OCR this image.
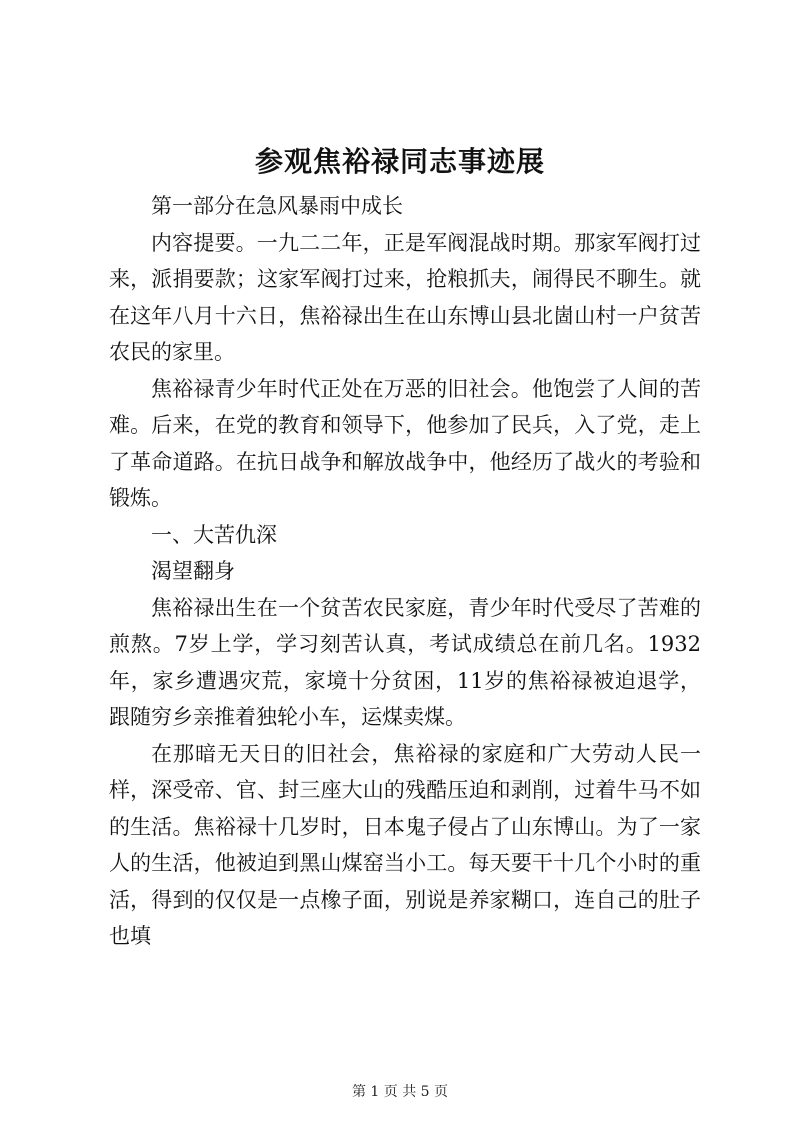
参观焦裕禄同志事迹展

第一部分在急风暴雨中成长

内容提要。一九二二年，正是军阀混战时期。那家军阀打过来，派捐要款；这家军阀打过来，抢粮抓夫，闹得民不聊生。就在这年八月十六日，焦裕禄出生在山东博山县北崮山村一户贫苦农民的家里。

焦裕禄青少年时代正处在万恶的旧社会。他饱尝了人间的苦难。后来，在党的教育和领导下，他参加了民兵，入了党，走上了革命道路。在抗日战争和解放战争中，他经历了战火的考验和锻炼。

一、大苦仇深

渴望翻身

焦裕禄出生在一个贫苦农民家庭，青少年时代受尽了苦难的煎熬。7岁上学，学习刻苦认真，考试成绩总在前几名。1932年，家乡遭遇灾荒，家境十分贫困，11岁的焦裕禄被迫退学，跟随穷乡亲推着独轮小车，运煤卖煤。

在那暗无天日的旧社会，焦裕禄的家庭和广大劳动人民一样，深受帝、官、封三座大山的残酷压迫和剥削，过着牛马不如的生活。焦裕禄十几岁时，日本鬼子侵占了山东博山。为了一家人的生活，他被迫到黑山煤窑当小工。每天要干十几个小时的重活，得到的仅仅是一点橡子面，别说是养家糊口，连自己的肚子也填

第 1 页 共 5 页
